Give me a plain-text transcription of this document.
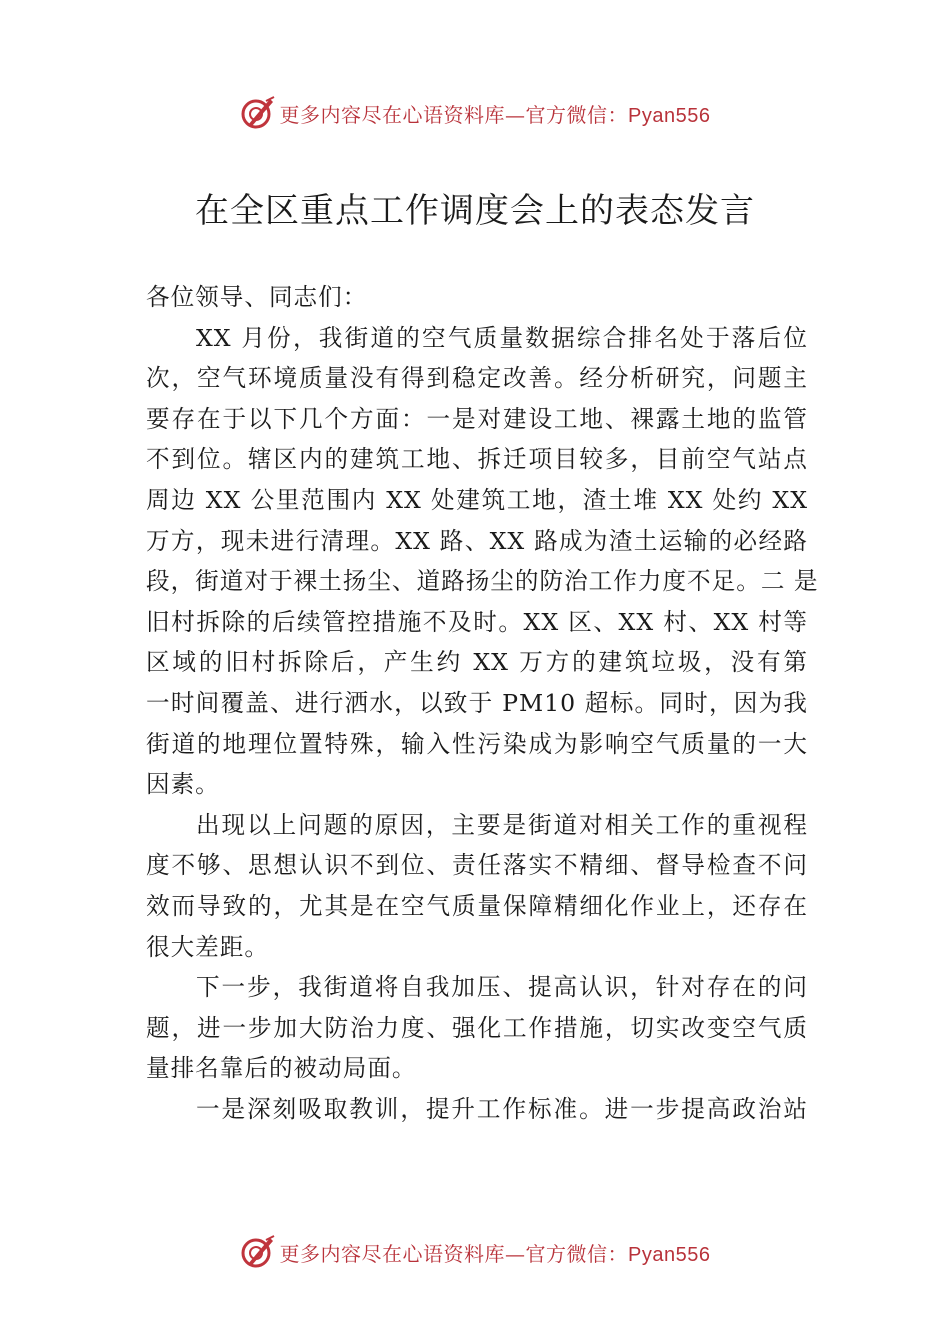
更多内容尽在心语资料库—官方微信：Pyan556
在全区重点工作调度会上的表态发言
各位领导、同志们：
XX 月份，我街道的空气质量数据综合排名处于落后位
次，空气环境质量没有得到稳定改善。经分析研究，问题主
要存在于以下几个方面：一是对建设工地、裸露土地的监管
不到位。辖区内的建筑工地、拆迁项目较多，目前空气站点
周边 XX 公里范围内 XX 处建筑工地，渣土堆 XX 处约 XX
万方，现未进行清理。XX 路、XX 路成为渣土运输的必经路
段，街道对于裸土扬尘、道路扬尘的防治工作力度不足。二 是
旧村拆除的后续管控措施不及时。XX 区、XX 村、XX 村等
区域的旧村拆除后，产生约 XX 万方的建筑垃圾，没有第
一时间覆盖、进行洒水，以致于 PM10 超标。同时，因为我
街道的地理位置特殊，输入性污染成为影响空气质量的一大
因素。
出现以上问题的原因，主要是街道对相关工作的重视程
度不够、思想认识不到位、责任落实不精细、督导检查不问
效而导致的，尤其是在空气质量保障精细化作业上，还存在
很大差距。
下一步，我街道将自我加压、提高认识，针对存在的问
题，进一步加大防治力度、强化工作措施，切实改变空气质
量排名靠后的被动局面。
一是深刻吸取教训，提升工作标准。进一步提高政治站
更多内容尽在心语资料库—官方微信：Pyan556
